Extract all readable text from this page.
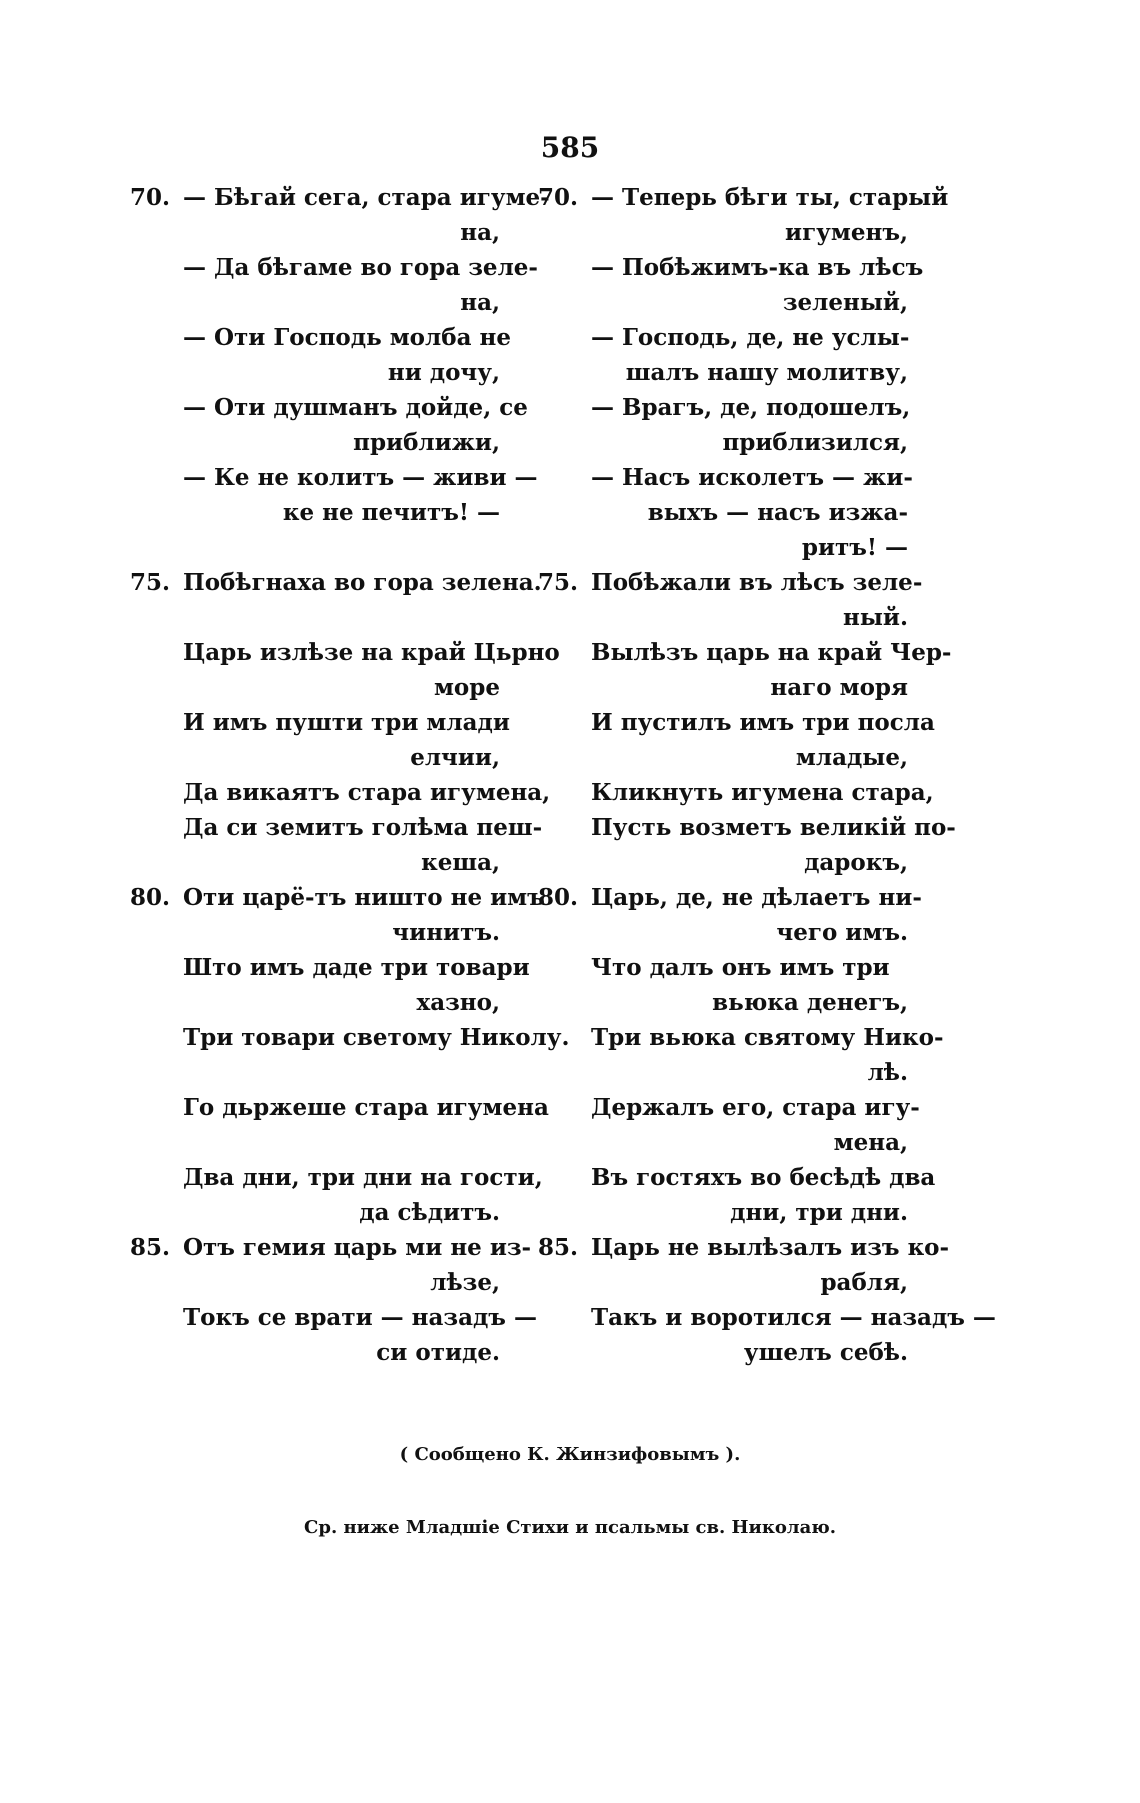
585
70. — Бѣгай сега, стара игуме-
на,
— Да бѣгаме во гора зеле-
на,
— Оти Господь молба не
ни дочу,
— Оти душманъ дойде, се
приближи,
— Ке не колитъ — живи —
ке не печитъ! —
75. Побѣгнаха во гора зелена.
Царь излѣзе на край Цьрно
море
И имъ пушти три млади
елчии,
Да викаятъ стара игумена,
Да си земитъ голѣма пеш-
кеша,
80. Оти царё-тъ ништо не имъ
чинитъ.
Што имъ даде три товари
хазно,
Три товари светому Николу.
Го дьржеше стара игумена
Два дни, три дни на гости,
да сѣдитъ.
85. Отъ гемия царь ми не из-
лѣзе,
Токъ се врати — назадъ —
си отиде.
70. — Теперь бѣги ты, старый
игуменъ,
— Побѣжимъ-ка въ лѣсъ
зеленый,
— Господь, де, не услы-
шалъ нашу молитву,
— Врагъ, де, подошелъ,
приблизился,
— Насъ исколетъ — жи-
выхъ — насъ изжа-
ритъ! —
75. Побѣжали въ лѣсъ зеле-
ный.
Вылѣзъ царь на край Чер-
наго моря
И пустилъ имъ три посла
младые,
Кликнуть игумена стара,
Пусть возметъ великій по-
дарокъ,
80. Царь, де, не дѣлаетъ ни-
чего имъ.
Что далъ онъ имъ три
вьюка денегъ,
Три вьюка святому Нико-
лѣ.
Держалъ его, стара игу-
мена,
Въ гостяхъ во бесѣдѣ два
дни, три дни.
85. Царь не вылѣзалъ изъ ко-
рабля,
Такъ и воротился — назадъ —
ушелъ себѣ.
( Сообщено К. Жинзифовымъ ).
Ср. ниже Младшіе Стихи и псальмы св. Николаю.
